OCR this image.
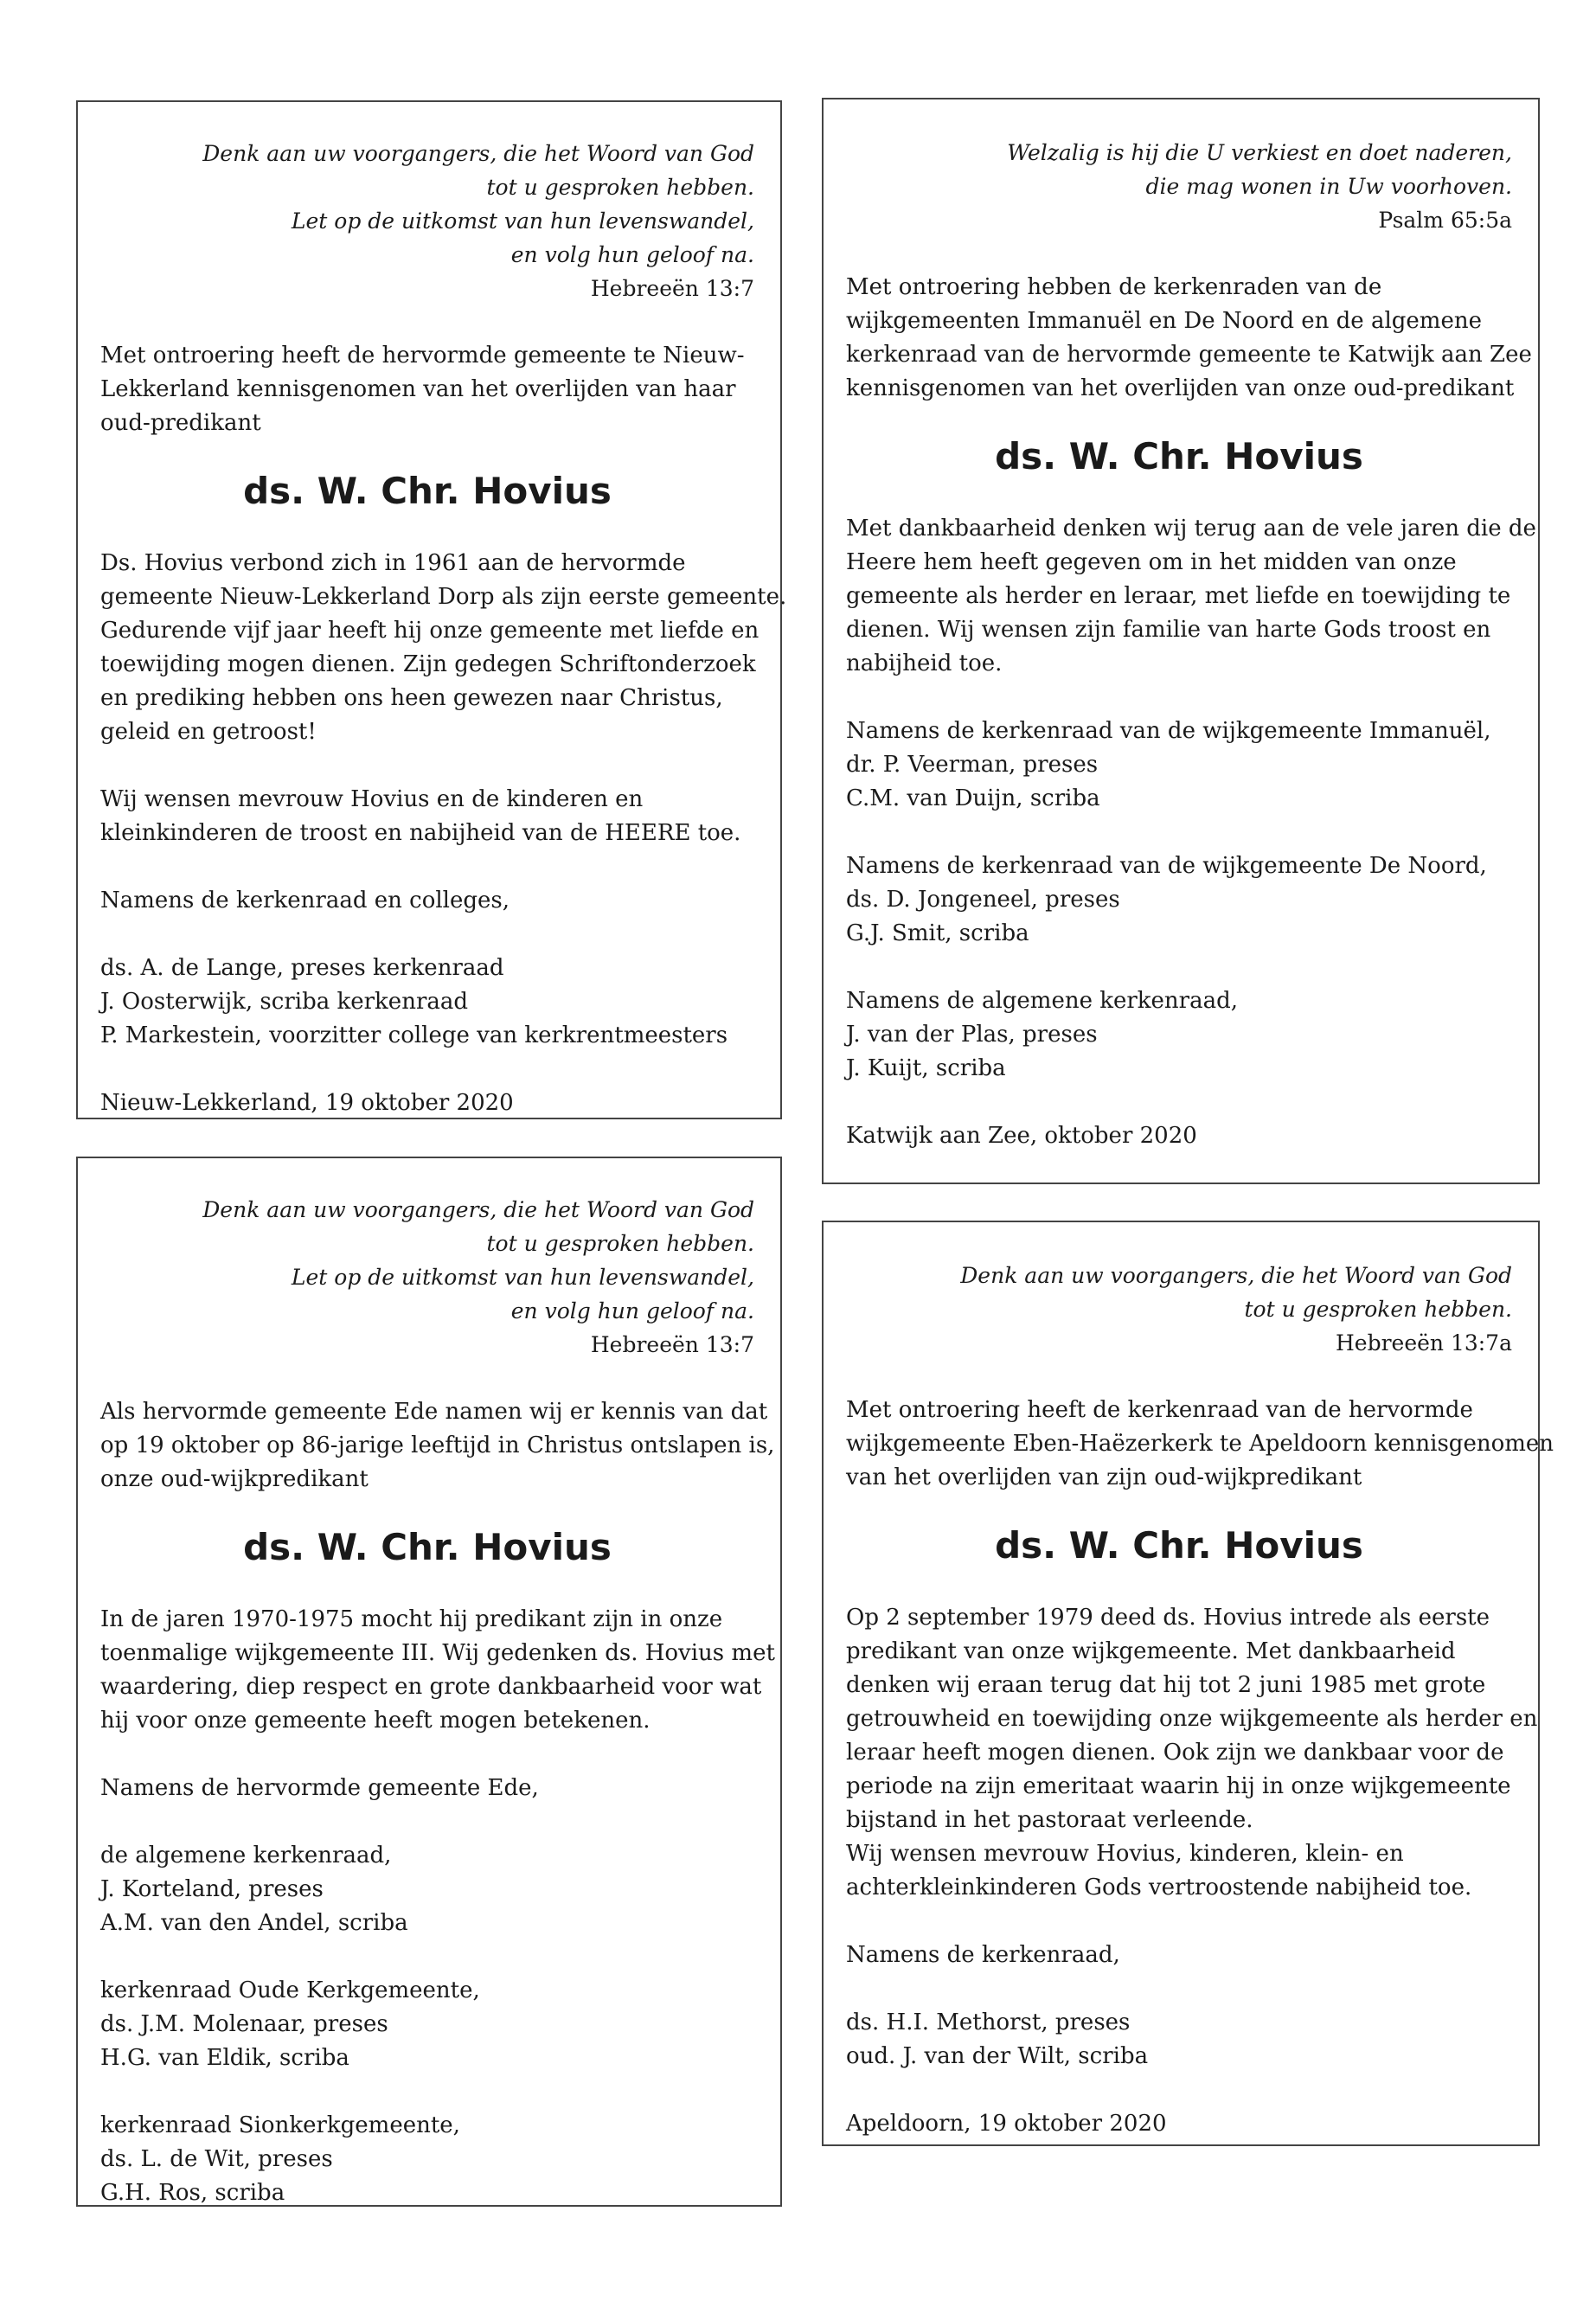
Denk aan uw voorgangers, die het Woord van God
tot u gesproken hebben.
Let op de uitkomst van hun levenswandel,
en volg hun geloof na.
Hebreeën 13:7

Met ontroering heeft de hervormde gemeente te Nieuw-
Lekkerland kennisgenomen van het overlijden van haar
oud-predikant

ds. W. Chr. Hovius

Ds. Hovius verbond zich in 1961 aan de hervormde
gemeente Nieuw-Lekkerland Dorp als zijn eerste gemeente.
Gedurende vijf jaar heeft hij onze gemeente met liefde en
toewijding mogen dienen. Zijn gedegen Schriftonderzoek
en prediking hebben ons heen gewezen naar Christus,
geleid en getroost!

Wij wensen mevrouw Hovius en de kinderen en
kleinkinderen de troost en nabijheid van de HEERE toe.

Namens de kerkenraad en colleges,

ds. A. de Lange, preses kerkenraad
J. Oosterwijk, scriba kerkenraad
P. Markestein, voorzitter college van kerkrentmeesters

Nieuw-Lekkerland, 19 oktober 2020

Welzalig is hij die U verkiest en doet naderen,
die mag wonen in Uw voorhoven.
Psalm 65:5a

Met ontroering hebben de kerkenraden van de
wijkgemeenten Immanuël en De Noord en de algemene
kerkenraad van de hervormde gemeente te Katwijk aan Zee
kennisgenomen van het overlijden van onze oud-predikant

ds. W. Chr. Hovius

Met dankbaarheid denken wij terug aan de vele jaren die de
Heere hem heeft gegeven om in het midden van onze
gemeente als herder en leraar, met liefde en toewijding te
dienen. Wij wensen zijn familie van harte Gods troost en
nabijheid toe.

Namens de kerkenraad van de wijkgemeente Immanuël,
dr. P. Veerman, preses
C.M. van Duijn, scriba

Namens de kerkenraad van de wijkgemeente De Noord,
ds. D. Jongeneel, preses
G.J. Smit, scriba

Namens de algemene kerkenraad,
J. van der Plas, preses
J. Kuijt, scriba

Katwijk aan Zee, oktober 2020

Denk aan uw voorgangers, die het Woord van God
tot u gesproken hebben.
Let op de uitkomst van hun levenswandel,
en volg hun geloof na.
Hebreeën 13:7

Als hervormde gemeente Ede namen wij er kennis van dat
op 19 oktober op 86-jarige leeftijd in Christus ontslapen is,
onze oud-wijkpredikant

ds. W. Chr. Hovius

In de jaren 1970-1975 mocht hij predikant zijn in onze
toenmalige wijkgemeente III. Wij gedenken ds. Hovius met
waardering, diep respect en grote dankbaarheid voor wat
hij voor onze gemeente heeft mogen betekenen.

Namens de hervormde gemeente Ede,

de algemene kerkenraad,
J. Korteland, preses
A.M. van den Andel, scriba

kerkenraad Oude Kerkgemeente,
ds. J.M. Molenaar, preses
H.G. van Eldik, scriba

kerkenraad Sionkerkgemeente,
ds. L. de Wit, preses
G.H. Ros, scriba

Denk aan uw voorgangers, die het Woord van God
tot u gesproken hebben.
Hebreeën 13:7a

Met ontroering heeft de kerkenraad van de hervormde
wijkgemeente Eben-Haëzerkerk te Apeldoorn kennisgenomen
van het overlijden van zijn oud-wijkpredikant

ds. W. Chr. Hovius

Op 2 september 1979 deed ds. Hovius intrede als eerste
predikant van onze wijkgemeente. Met dankbaarheid
denken wij eraan terug dat hij tot 2 juni 1985 met grote
getrouwheid en toewijding onze wijkgemeente als herder en
leraar heeft mogen dienen. Ook zijn we dankbaar voor de
periode na zijn emeritaat waarin hij in onze wijkgemeente
bijstand in het pastoraat verleende.
Wij wensen mevrouw Hovius, kinderen, klein- en
achterkleinkinderen Gods vertroostende nabijheid toe.

Namens de kerkenraad,

ds. H.I. Methorst, preses
oud. J. van der Wilt, scriba

Apeldoorn, 19 oktober 2020
